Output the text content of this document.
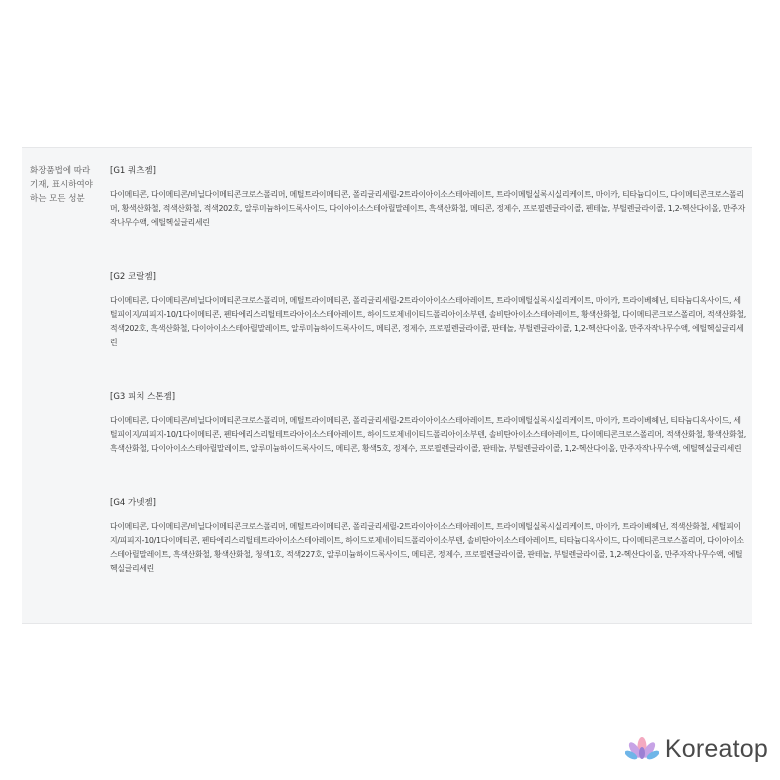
화장품법에 따라 기재, 표시하여야 하는 모든 성분
[G1 쿼츠젬]
다이메티콘, 다이메티콘/비닐다이메티콘크로스폴리머, 메틸트라이메티콘, 폴리글리세릴-2트라이아이소스테아레이트, 트라이메틸실록시실리케이트, 마이카, 티타늄디이드, 다이메티콘크로스폴리머, 황색산화철, 적색산화철, 적색202호, 알루미늄하이드록사이드, 다이아이소스테아릴말레이트, 흑색산화철, 메티콘, 정제수, 프로필렌글라이콜, 펜테놀, 부틸렌글라이콜, 1,2-헥산다이올, 만주자작나무수액, 에틸헥실글리세린
[G2 코랄젬]
다이메티콘, 다이메티콘/비닐다이메티콘크로스폴리머, 메틸트라이메티콘, 폴리글리세릴-2트라이아이소스테아레이트, 트라이메틸실록시실리케이트, 마이카, 트라이베헤닌, 티타늄디옥사이드, 세틸피이지/피피지-10/1다이메티콘, 펜타에리스리틸테트라아이소스테아레이트, 하이드로제네이티드폴리아이소부텐, 솔비탄아이소스테아레이트, 황색산화철, 다이메티콘크로스폴리머, 적색산화철, 적색202호, 흑색산화철, 다이아이소스테아릴말레이트, 알루미늄하이드록사이드, 메티콘, 정제수, 프로필렌글라이콜, 판테놀, 부틸렌글라이콜, 1,2-헥산다이올, 만주자작나무수액, 에틸헥실글리세린
[G3 피치 스톤젬]
다이메티콘, 다이메티콘/비닐다이메티콘크로스폴리머, 메틸트라이메티콘, 폴리글리세릴-2트라이아이소스테아레이트, 트라이메틸실록시실리케이트, 마이카, 트라이베헤닌, 티타늄디옥사이드, 세틸피이지/피피지-10/1다이메티콘, 펜타에리스리틸테트라아이소스테아레이트, 하이드로제네이티드폴리아이소부텐, 솔비탄아이소스테아레이트, 다이메티콘크로스폴리머, 적색산화철, 황색산화철, 흑색산화철, 다이아이소스테아릴말레이트, 알루미늄하이드록사이드, 메티콘, 황색5호, 정제수, 프로필렌글라이콜, 판테놀, 부틸렌글라이콜, 1,2-헥산다이올, 만주자작나무수액, 에틸헥실글리세린
[G4 가넷젬]
다이메티콘, 다이메티콘/비닐다이메티콘크로스폴리머, 메틸트라이메티콘, 폴리글리세릴-2트라이아이소스테아레이트, 트라이메틸실록시실리케이트, 마이카, 트라이베헤닌, 적색산화철, 세틸피이지/피피지-10/1다이메티콘, 펜타에리스리틸테트라아이소스테아레이트, 하이드로제네이티드폴리아이소부텐, 솔비탄아이소스테아레이트, 티타늄디옥사이드, 다이메티콘크로스폴리머, 다이아이소스테아릴말레이트, 흑색산화철, 황색산화철, 청색1호, 적색227호, 알루미늄하이드록사이드, 메티콘, 정제수, 프로필렌글라이콜, 판테놀, 부틸렌글라이콜, 1,2-헥산다이올, 만주자작나무수액, 에틸헥실글리세린
Koreatop
